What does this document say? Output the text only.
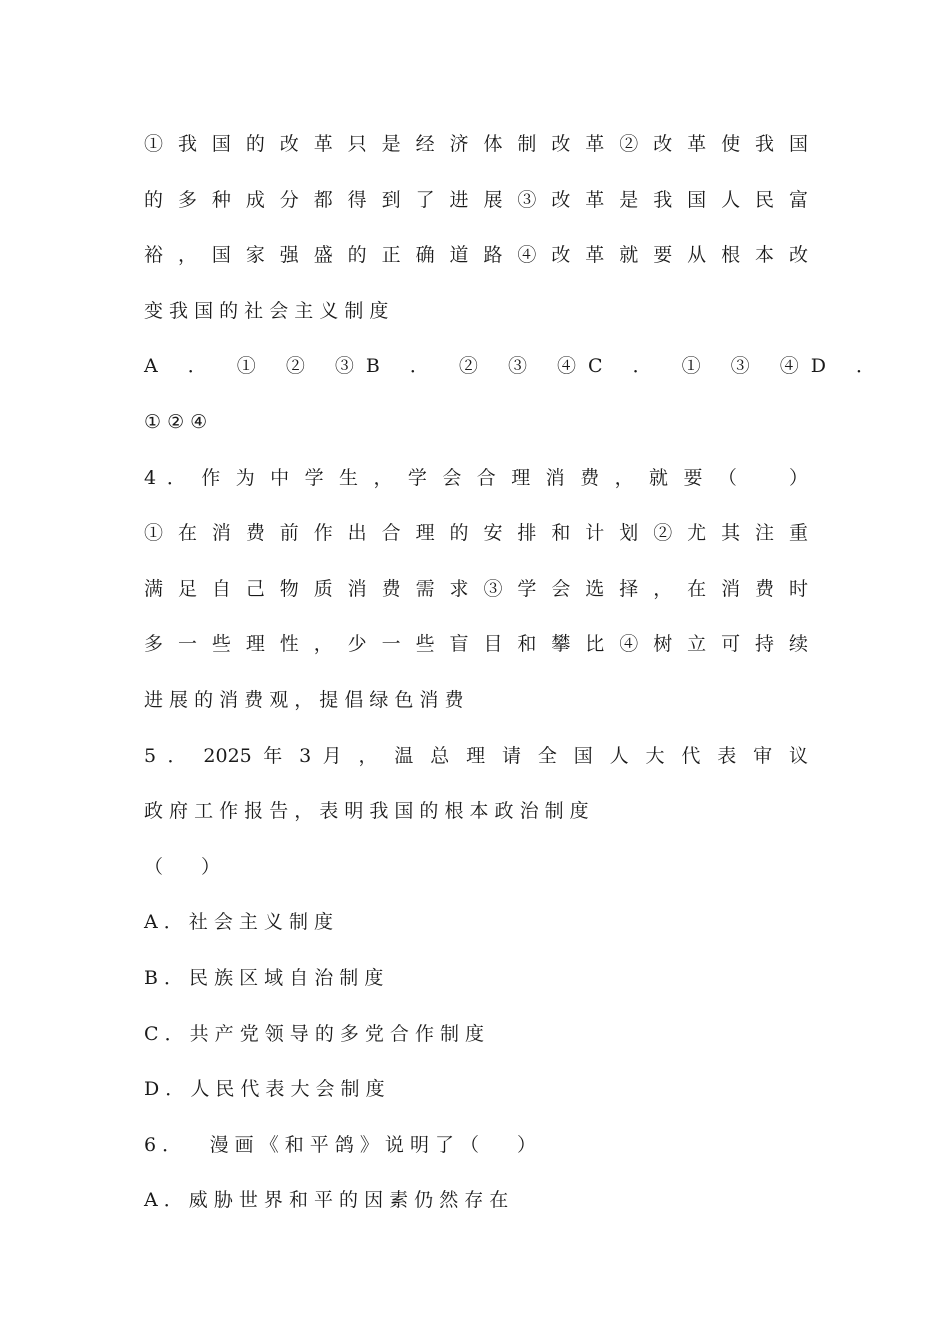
① 我 国 的 改 革 只 是 经 济 体 制 改 革 ② 改 革 使 我 国
的 多 种 成 分 都 得 到 了 进 展 ③ 改 革 是 我 国 人 民 富
裕 ， 国 家 强 盛 的 正 确 道 路 ④ 改 革 就 要 从 根 本 改
变 我 国 的 社 会 主 义 制 度
A ． ① ② ③ B ． ② ③ ④ C ． ① ③ ④ D ．
① ② ④
4 ． 作 为 中 学 生 ， 学 会 合 理 消 费 ， 就 要 （　　）
① 在 消 费 前 作 出 合 理 的 安 排 和 计 划 ② 尤 其 注 重
满 足 自 己 物 质 消 费 需 求 ③ 学 会 选 择 ， 在 消 费 时
多 一 些 理 性 ， 少 一 些 盲 目 和 攀 比 ④ 树 立 可 持 续
进 展 的 消 费 观 ， 提 倡 绿 色 消 费
5 ． 2025 年 3 月 ， 温 总 理 请 全 国 人 大 代 表 审 议
政 府 工 作 报 告 ， 表 明 我 国 的 根 本 政 治 制 度
（　　）
A ． 社 会 主 义 制 度
B ． 民 族 区 域 自 治 制 度
C ． 共 产 党 领 导 的 多 党 合 作 制 度
D ． 人 民 代 表 大 会 制 度
6 ．　　漫 画 《 和 平 鸽 》 说 明 了 （　　）
A ． 威 胁 世 界 和 平 的 因 素 仍 然 存 在
